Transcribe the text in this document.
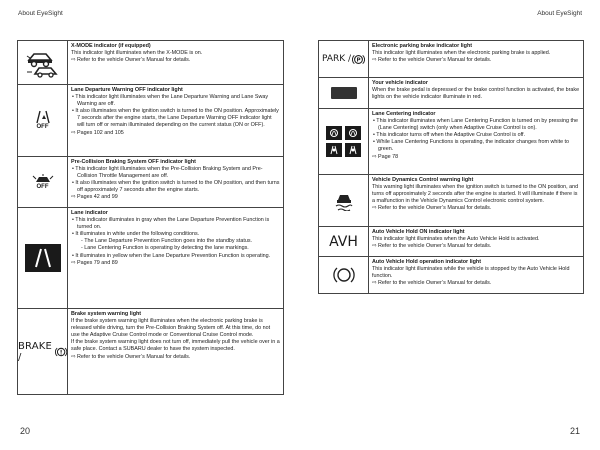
About EyeSight	About EyeSight
X-MODE indicator (if equipped)
This indicator light illuminates when the X-MODE is on.
⇨ Refer to the vehicle Owner’s Manual for details.
OFF
Lane Departure Warning OFF indicator light
• This indicator light illuminates when the Lane Departure Warning and Lane Sway Warning are off.
• It also illuminates when the ignition switch is turned to the ON position. Approximately 7 seconds after the engine starts, the Lane Departure Warning OFF indicator light will turn off or remain illuminated depending on the current status (ON or OFF).
⇨ Pages 102 and 105
OFF
Pre-Collision Braking System OFF indicator light
• This indicator light illuminates when the Pre-Collision Braking System and Pre-Collision Throttle Management are off.
• It also illuminates when the ignition switch is turned to the ON position, and then turns off approximately 7 seconds after the engine starts.
⇨ Pages 42 and 99
Lane indicator
• This indicator illuminates in gray when the Lane Departure Prevention Function is turned on.
• It illuminates in white under the following conditions.
- The Lane Departure Prevention Function goes into the standby status.
- Lane Centering Function is operating by detecting the lane markings.
• It illuminates in yellow when the Lane Departure Prevention Function is operating.
⇨ Pages 79 and 89
BRAKE /
Brake system warning light
If the brake system warning light illuminates when the electronic parking brake is released while driving, turn the Pre-Collision Braking System off. At this time, do not use the Adaptive Cruise Control mode or Conventional Cruise Control mode.
If the brake system warning light does not turn off, immediately pull the vehicle over in a safe place. Contact a SUBARU dealer to have the system inspected.
⇨ Refer to the vehicle Owner’s Manual for details.
PARK / P
Electronic parking brake indicator light
This indicator light illuminates when the electronic parking brake is applied.
⇨ Refer to the vehicle Owner’s Manual for details.
Your vehicle indicator
When the brake pedal is depressed or the brake control function is activated, the brake lights on the vehicle indicator illuminate in red.
Lane Centering indicator
• This indicator illuminates when Lane Centering Function is turned on by pressing the (Lane Centering) switch (only when Adaptive Cruise Control is on).
• This indicator turns off when the Adaptive Cruise Control is off.
• While Lane Centering Functions is operating, the indicator changes from white to green.
⇨ Page 78
Vehicle Dynamics Control warning light
This warning light illuminates when the ignition switch is turned to the ON position, and turns off approximately 2 seconds after the engine is started. It will illuminate if there is a malfunction in the Vehicle Dynamics Control electronic control system.
⇨ Refer to the vehicle Owner’s Manual for details.
AVH
Auto Vehicle Hold ON indicator light
This indicator light illuminates when the Auto Vehicle Hold is activated.
⇨ Refer to the vehicle Owner’s Manual for details.
Auto Vehicle Hold operation indicator light
This indicator light illuminates while the vehicle is stopped by the Auto Vehicle Hold function.
⇨ Refer to the vehicle Owner’s Manual for details.
20	21
